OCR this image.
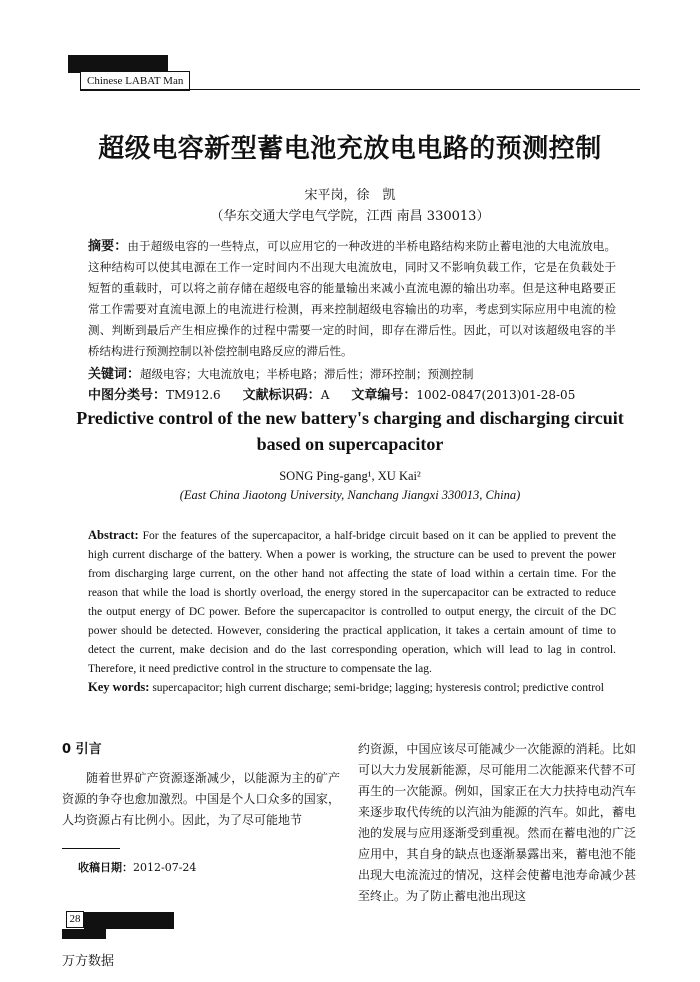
Chinese LABAT Man
超级电容新型蓄电池充放电电路的预测控制
宋平岗，徐　凯
（华东交通大学电气学院，江西 南昌 330013）
摘要：由于超级电容的一些特点，可以应用它的一种改进的半桥电路结构来防止蓄电池的大电流放电。这种结构可以使其电源在工作一定时间内不出现大电流放电，同时又不影响负载工作，它是在负载处于短暂的重载时，可以将之前存储在超级电容的能量输出来减小直流电源的输出功率。但是这种电路要正常工作需要对直流电源上的电流进行检测，再来控制超级电容输出的功率，考虑到实际应用中电流的检测、判断到最后产生相应操作的过程中需要一定的时间，即存在滞后性。因此，可以对该超级电容的半桥结构进行预测控制以补偿控制电路反应的滞后性。
关键词：超级电容；大电流放电；半桥电路；滞后性；滞环控制；预测控制
中图分类号：TM912.6 文献标识码：A 文章编号：1002-0847(2013)01-28-05
Predictive control of the new battery's charging and discharging circuit based on supercapacitor
SONG Ping-gang¹, XU Kai²
(East China Jiaotong University, Nanchang Jiangxi 330013, China)
Abstract: For the features of the supercapacitor, a half-bridge circuit based on it can be applied to prevent the high current discharge of the battery. When a power is working, the structure can be used to prevent the power from discharging large current, on the other hand not affecting the state of load within a certain time. For the reason that while the load is shortly overload, the energy stored in the supercapacitor can be extracted to reduce the output energy of DC power. Before the supercapacitor is controlled to output energy, the circuit of the DC power should be detected. However, considering the practical application, it takes a certain amount of time to detect the current, make decision and do the last corresponding operation, which will lead to lag in control. Therefore, it need predictive control in the structure to compensate the lag.
Key words: supercapacitor; high current discharge; semi-bridge; lagging; hysteresis control; predictive control
0 引言
随着世界矿产资源逐渐减少，以能源为主的矿产资源的争夺也愈加激烈。中国是个人口众多的国家，人均资源占有比例小。因此，为了尽可能地节
约资源，中国应该尽可能减少一次能源的消耗。比如可以大力发展新能源，尽可能用二次能源来代替不可再生的一次能源。例如，国家正在大力扶持电动汽车来逐步取代传统的以汽油为能源的汽车。如此，蓄电池的发展与应用逐渐受到重视。然而在蓄电池的广泛应用中，其自身的缺点也逐渐暴露出来，蓄电池不能出现大电流流过的情况，这样会使蓄电池寿命减少甚至终止。为了防止蓄电池出现这
收稿日期：2012-07-24
28
万方数据
